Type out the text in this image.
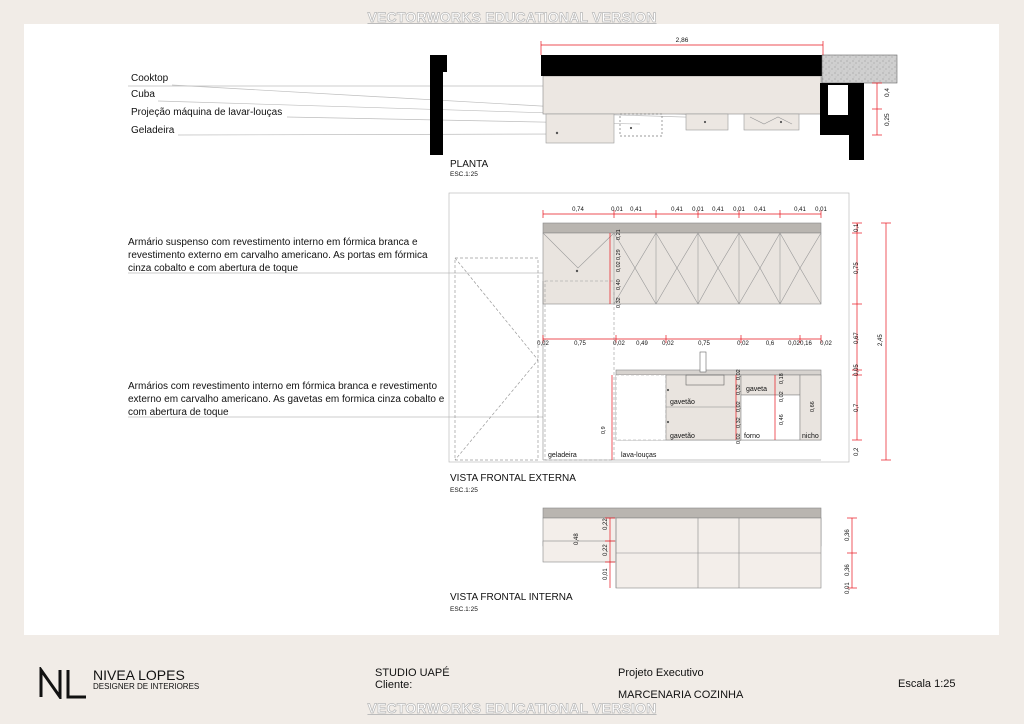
VECTORWORKS EDUCATIONAL VERSION
2,86
0,4
0,25
0,74	0,01 0,41	0,41 0,01 0,41 0,01 0,41	0,41 0,01
0,02	0,75	0,02 0,49 0,02	0,75	0,02	0,6 0,02 0,16 0,02
0,1
0,75
0,67
0,05
0,7
0,2
2,45
0,21
0,29
0,02
0,40
0,32
0,02
0,32
0,02
0,32
0,02
0,18
0,02
0,46
0,66
0,9
geladeira	lava-louças
gavetão
gavetão
gaveta
forno	nicho
0,22
0,48
0,22
0,01
0,36
0,36
0,01
Cooktop
Cuba
Projeção máquina de lavar-louças
Geladeira
PLANTA
ESC.1:25
Armário suspenso com revestimento interno em fórmica branca e revestimento externo em carvalho americano. As portas em fórmica cinza cobalto e com abertura de toque
Armários com revestimento interno em fórmica branca e revestimento externo em carvalho americano. As gavetas em formica cinza cobalto e com abertura de toque
VISTA FRONTAL EXTERNA
ESC.1:25
VISTA FRONTAL INTERNA
ESC.1:25
NIVEA LOPES
DESIGNER DE INTERIORES
STUDIO UAPÉ
Cliente:
Projeto Executivo
MARCENARIA COZINHA
Escala 1:25
VECTORWORKS EDUCATIONAL VERSION
